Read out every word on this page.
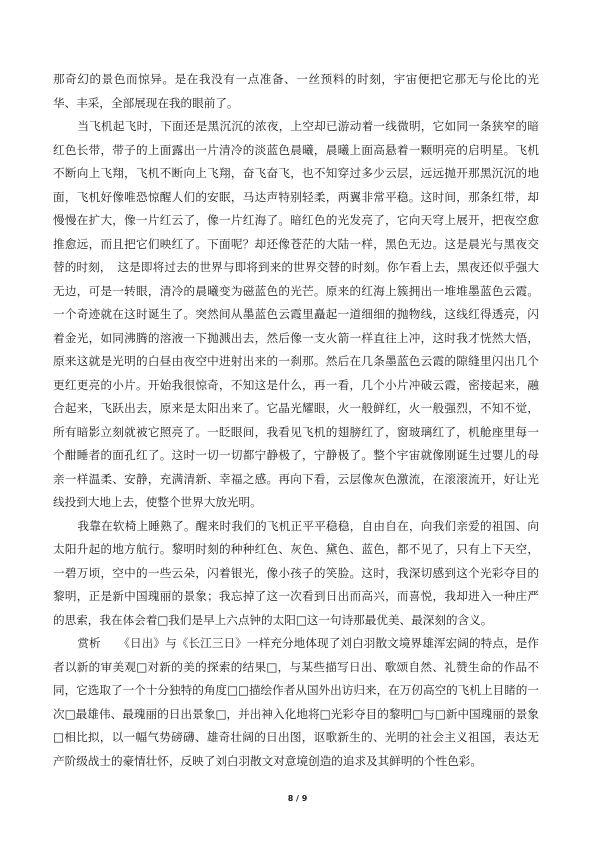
那奇幻的景色而惊异。是在我没有一点准备、一丝预料的时刻，宇宙便把它那无与伦比的光华、丰采，全部展现在我的眼前了。

当飞机起飞时，下面还是黑沉沉的浓夜，上空却已游动着一线微明，它如同一条狭窄的暗红色长带，带子的上面露出一片清冷的淡蓝色晨曦，晨曦上面高悬着一颗明亮的启明星。飞机不断向上飞翔，飞机不断向上飞翔，奋飞奋飞，也不知穿过多少云层，远远抛开那黑沉沉的地面，飞机好像唯恐惊醒人们的安眠，马达声特别轻柔，两翼非常平稳。这时间，那条红带，却慢慢在扩大，像一片红云了，像一片红海了。暗红色的光发亮了，它向天穹上展开，把夜空愈推愈远，而且把它们映红了。下面呢？却还像苍茫的大陆一样，黑色无边。这是晨光与黑夜交替的时刻，　这是即将过去的世界与即将到来的世界交替的时刻。你乍看上去，黑夜还似乎强大无边，可是一转眼，清冷的晨曦变为磁蓝色的光芒。原来的红海上簇拥出一堆堆墨蓝色云霞。一个奇迹就在这时诞生了。突然间从墨蓝色云霞里矗起一道细细的抛物线，这线红得透亮，闪着金光，如同沸腾的溶液一下抛溅出去，然后像一支火箭一样直往上冲，这时我才恍然大悟，原来这就是光明的白昼由夜空中进射出来的一刹那。然后在几条墨蓝色云霞的隙缝里闪出几个更红更亮的小片。开始我很惊奇，不知这是什么，再一看，几个小片冲破云霞，密接起来，融合起来，飞跃出去，原来是太阳出来了。它晶光耀眼，火一般鲜红，火一般强烈，不知不觉，所有暗影立刻就被它照亮了。一眨眼间，我看见飞机的翅膀红了，窗玻璃红了，机舱座里每一个酣睡者的面孔红了。这时一切一切都宁静极了，宁静极了。整个宇宙就像刚诞生过婴儿的母亲一样温柔、安静，充满清新、幸福之感。再向下看，云层像灰色激流，在滚滚流开，好让光线投到大地上去，使整个世界大放光明。

我靠在软椅上睡熟了。醒来时我们的飞机正平平稳稳，自由自在，向我们亲爱的祖国、向太阳升起的地方航行。黎明时刻的种种红色、灰色、黛色、蓝色，都不见了，只有上下天空，一碧万顷，空中的一些云朵，闪着银光，像小孩子的笑脸。这时，我深切感到这个光彩夺目的黎明，正是新中国瑰丽的景象；我忘掉了这一次看到日出而高兴，而喜悦，我却进入一种庄严的思索，我在体会着□我们是早上六点钟的太阳□这一句诗那最优美、最深刻的含义。

赏析　　《日出》与《长江三日》一样充分地体现了刘白羽散文境界雄浑宏阔的特点，是作者以新的审美观□对新的美的探索的结果□，与某些描写日出、歌颂自然、礼赞生命的作品不同，它选取了一个十分独特的角度□□描绘作者从国外出访归来，在万仞高空的飞机上目睹的一次□最雄伟、最瑰丽的日出景象□，并出神入化地将□光彩夺目的黎明□与□新中国瑰丽的景象□相比拟，以一幅气势磅礴、雄奇壮阔的日出图，讴歌新生的、光明的社会主义祖国，表达无产阶级战士的豪情壮怀，反映了刘白羽散文对意境创造的追求及其鲜明的个性色彩。

8 / 9
